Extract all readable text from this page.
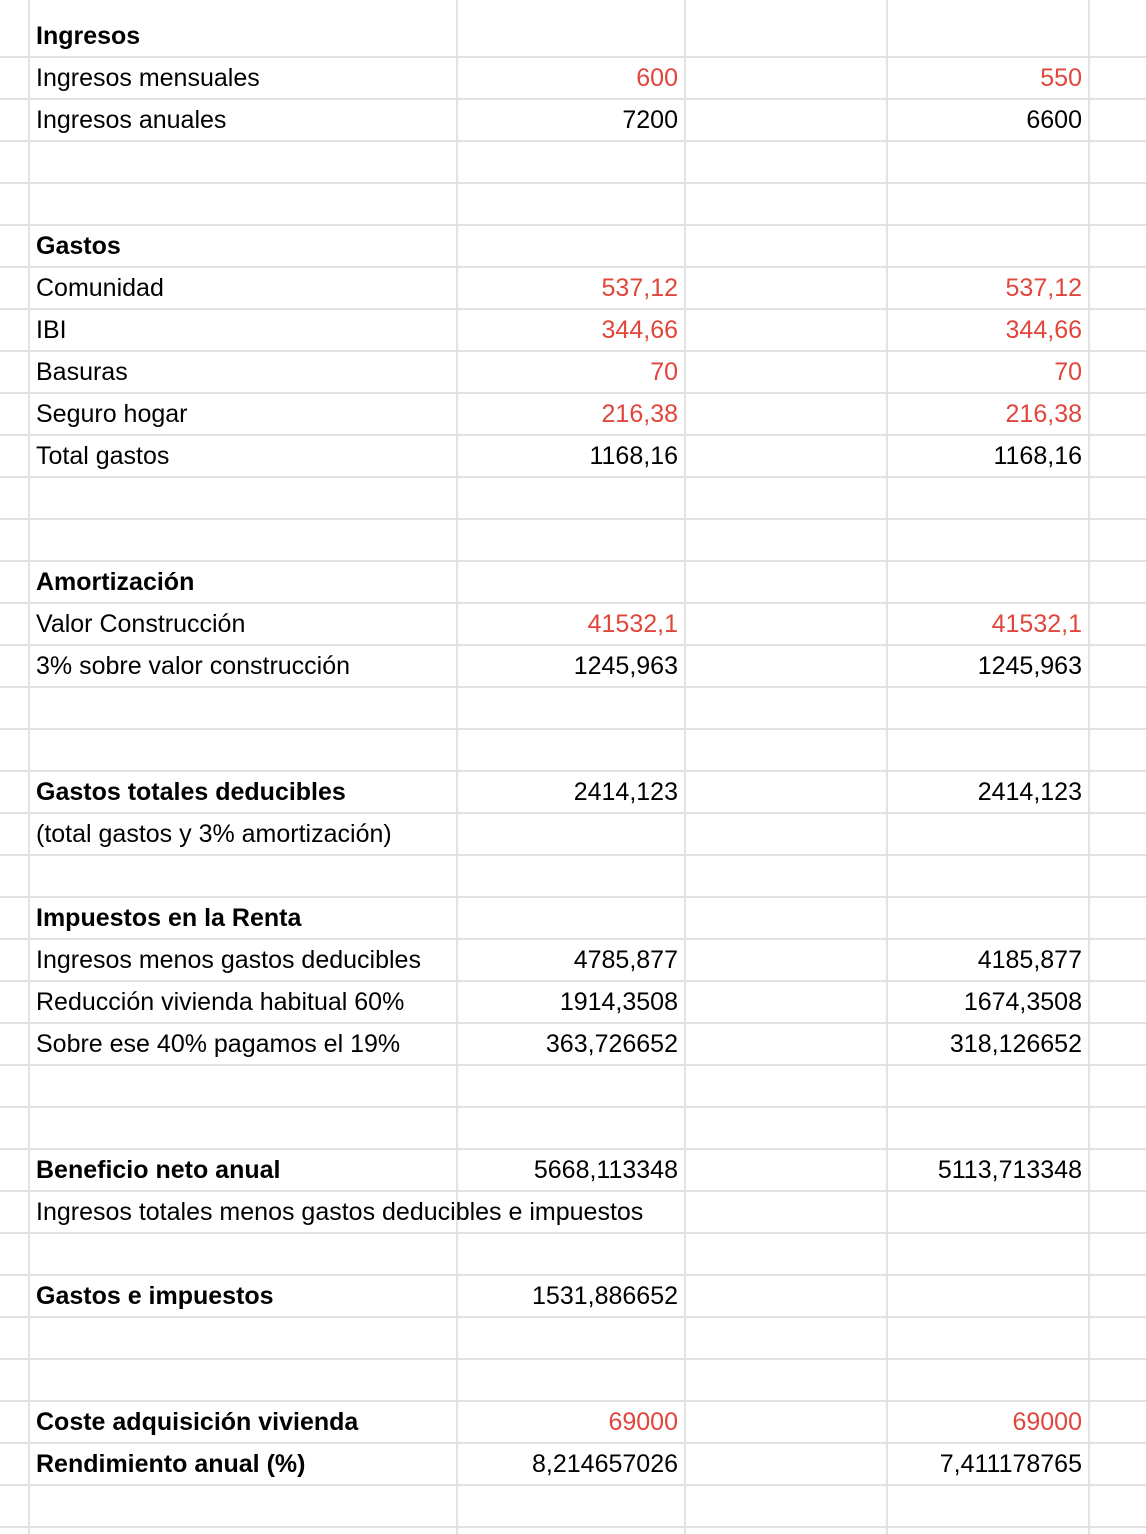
Ingresos
Ingresos mensuales	600	550
Ingresos anuales	7200	6600
Gastos
Comunidad	537,12	537,12
IBI	344,66	344,66
Basuras	70	70
Seguro hogar	216,38	216,38
Total gastos	1168,16	1168,16
Amortización
Valor Construcción	41532,1	41532,1
3% sobre valor construcción	1245,963	1245,963
Gastos totales deducibles	2414,123	2414,123
(total gastos y 3% amortización)
Impuestos en la Renta
Ingresos menos gastos deducibles	4785,877	4185,877
Reducción vivienda habitual 60%	1914,3508	1674,3508
Sobre ese 40% pagamos el 19%	363,726652	318,126652
Beneficio neto anual	5668,113348	5113,713348
Ingresos totales menos gastos deducibles e impuestos
Gastos e impuestos	1531,886652
Coste adquisición vivienda	69000	69000
Rendimiento anual (%)	8,214657026	7,411178765
